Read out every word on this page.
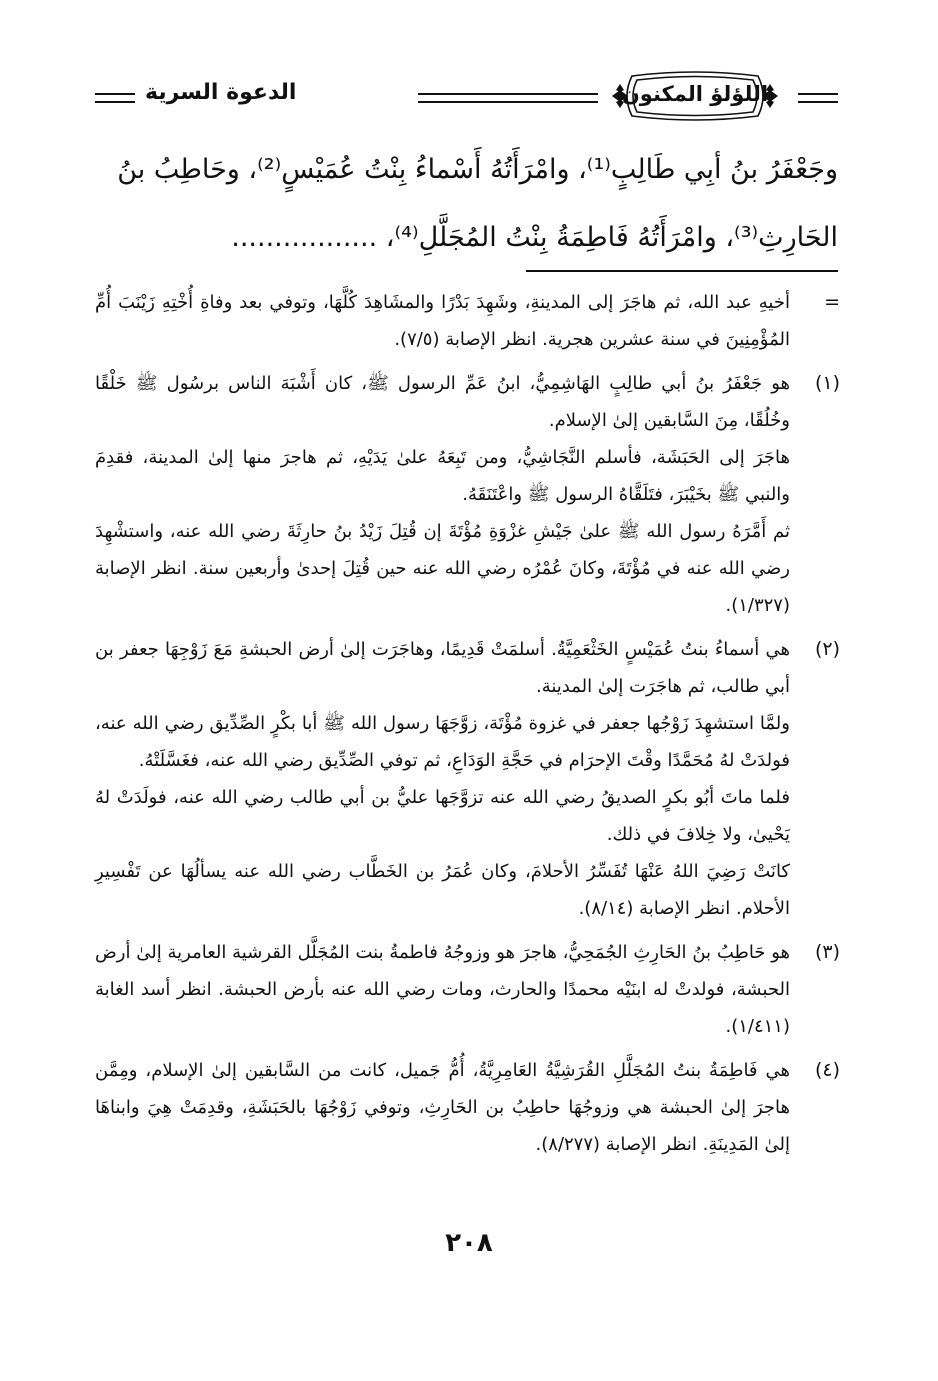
الدعوة السرية	اللؤلؤ المكنون

وجَعْفَرُ بنُ أبِي طَالِبٍ⁽¹⁾، وامْرَأَتُهُ أَسْماءُ بِنْتُ عُمَيْسٍ⁽²⁾، وحَاطِبُ بنُ

الحَارِثِ⁽³⁾، وامْرَأَتُهُ فَاطِمَةُ بِنْتُ المُجَلَّلِ⁽⁴⁾، .................

=

أخيهِ عبد الله، ثم هاجَرَ إلى المدينةِ، وشَهِدَ بَدْرًا والمشَاهِدَ كُلَّهَا، وتوفي بعد وفاةِ أُخْتِهِ زَيْنَبَ أُمِّ المُؤْمِنِينَ في سنة عشرين هجرية. انظر الإصابة (٧/٥).

(١)

هو جَعْفَرُ بنُ أبي طالِبٍ الهَاشِمِيُّ، ابنُ عَمِّ الرسول ﷺ، كان أَشْبَهَ الناس برسُول ﷺ خَلْقًا وخُلُقًا، مِنَ السَّابقين إلىٰ الإسلام.

هاجَرَ إلى الحَبَشَة، فأسلم النَّجَاشِيُّ، ومن تَبِعَهُ علىٰ يَدَيْهِ، ثم هاجرَ منها إلىٰ المدينة، فقدِمَ والنبي ﷺ بخَيْبَرَ، فتَلَقَّاهُ الرسول ﷺ واعْتَنَقَهُ.

ثم أَمَّرَهُ رسول الله ﷺ علىٰ جَيْشِ غزْوَةِ مُؤْتَةَ إن قُتِلَ زَيْدُ بنُ حارِثَةَ رضي الله عنه، واستشْهِدَ رضي الله عنه في مُؤْتَةَ، وكانَ عُمْرُه رضي الله عنه حين قُتِلَ إحدىٰ وأربعين سنة. انظر الإصابة (١/٣٢٧).

(٢)

هي أسماءُ بنتُ عُمَيْسٍ الخَثْعَمِيَّةُ. أسلمَتْ قَدِيمًا، وهاجَرَت إلىٰ أرض الحبشةِ مَعَ زَوْجِهَا جعفر بن أبي طالب، ثم هاجَرَت إلىٰ المدينة.

ولمَّا استشهِدَ زَوْجُها جعفر في غزوة مُؤْتَة، زوَّجَهَا رسول الله ﷺ أبا بكْرٍ الصِّدِّيق رضي الله عنه، فولدَتْ لهُ مُحَمَّدًا وقْتَ الإحرَام في حَجَّةِ الوَدَاعِ، ثم توفي الصِّدِّيق رضي الله عنه، فغَسَّلَتْهُ.

فلما ماتَ أبُو بكرٍ الصديقُ رضي الله عنه تزوَّجَها عليُّ بن أبي طالب رضي الله عنه، فولَدَتْ لهُ يَحْيىٰ، ولا خِلافَ في ذلك.

كانَتْ رَضِيَ اللهُ عَنْهَا تُفَسِّرُ الأحلامَ، وكان عُمَرُ بن الخَطَّاب رضي الله عنه يسألُهَا عن تَفْسِيرِ الأحلام. انظر الإصابة (٨/١٤).

(٣)

هو حَاطِبُ بنُ الحَارِثِ الجُمَحِيُّ، هاجرَ هو وزوجُهُ فاطمةُ بنت المُجَلَّل القرشية العامرية إلىٰ أرض الحبشة، فولدتْ له ابنَيْه محمدًا والحارث، ومات رضي الله عنه بأرض الحبشة. انظر أسد الغابة (١/٤١١).

(٤)

هي فَاطِمَةُ بنتُ المُجَلَّلِ القُرَشِيَّةُ العَامِرِيَّةُ، أُمُّ جَميل، كانت من السَّابقين إلىٰ الإسلام، ومِمَّن هاجرَ إلىٰ الحبشة هي وزوجُهَا حاطِبُ بن الحَارِثِ، وتوفي زَوْجُهَا بالحَبَشَةِ، وقدِمَتْ هِيَ وابناهَا إلىٰ المَدِينَةِ. انظر الإصابة (٨/٢٧٧).

٢٠٨
